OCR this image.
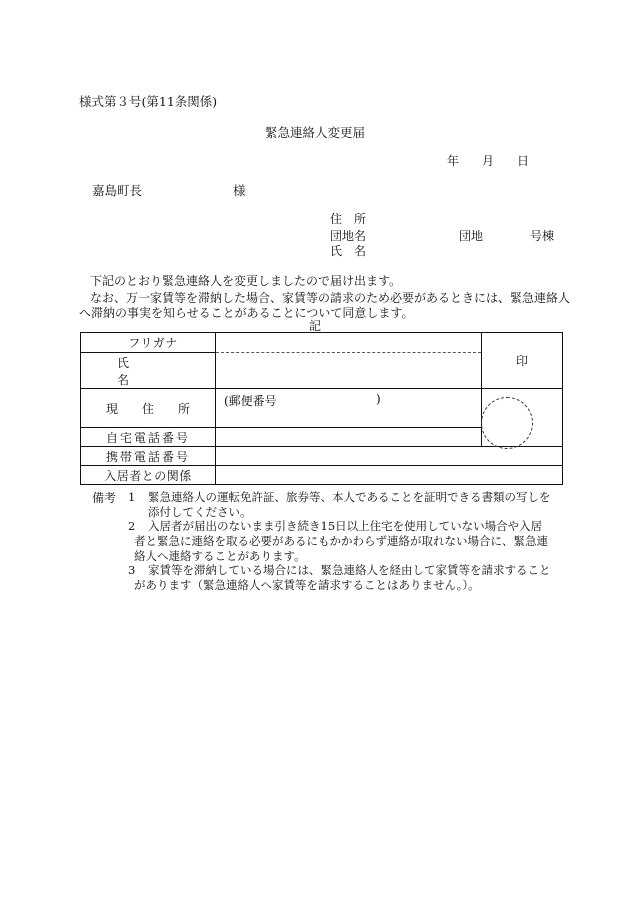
様式第３号(第11条関係)
緊急連絡人変更届
年 月 日
嘉島町長	様
住　所
団地名	団地	号棟
氏　名
下記のとおり緊急連絡人を変更しましたので届け出ます。
なお、万一家賃等を滞納した場合、家賃等の請求のため必要があるときには、緊急連絡人
へ滞納の事実を知らせることがあることについて同意します。
記
フリガナ		印
氏名		
現住所	(郵便番号 )	

自宅電話番号		
携帯電話番号		
入居者との関係		
備考 1 緊急連絡人の運転免許証、旅券等、本人であることを証明できる書類の写しを
添付してください。
2 入居者が届出のないまま引き続き15日以上住宅を使用していない場合や入居
者と緊急に連絡を取る必要があるにもかかわらず連絡が取れない場合に、緊急連
絡人へ連絡することがあります。
3 家賃等を滞納している場合には、緊急連絡人を経由して家賃等を請求すること
があります（緊急連絡人へ家賃等を請求することはありません。）。
